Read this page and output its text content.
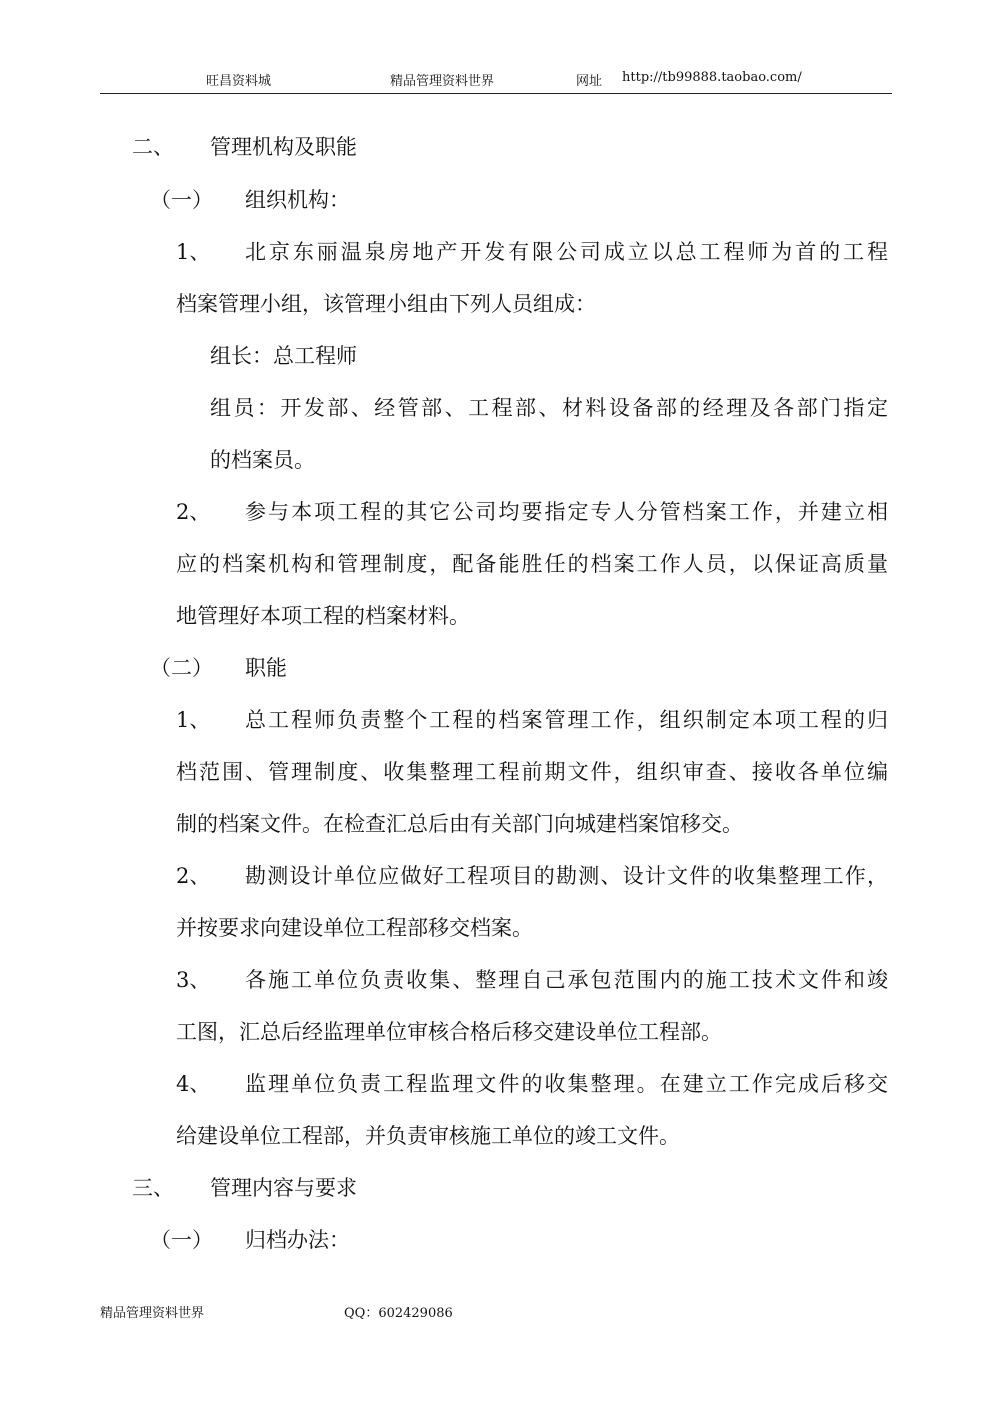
旺昌资料城	精品管理资料世界	网址 http://tb99888.taobao.com/
二、 管理机构及职能
（一） 组织机构：
1、 北京东丽温泉房地产开发有限公司成立以总工程师为首的工程
档案管理小组，该管理小组由下列人员组成：
组长：总工程师
组员：开发部、经管部、工程部、材料设备部的经理及各部门指定
的档案员。
2、 参与本项工程的其它公司均要指定专人分管档案工作，并建立相
应的档案机构和管理制度，配备能胜任的档案工作人员，以保证高质量
地管理好本项工程的档案材料。
（二） 职能
1、 总工程师负责整个工程的档案管理工作，组织制定本项工程的归
档范围、管理制度、收集整理工程前期文件，组织审查、接收各单位编
制的档案文件。在检查汇总后由有关部门向城建档案馆移交。
2、 勘测设计单位应做好工程项目的勘测、设计文件的收集整理工作，
并按要求向建设单位工程部移交档案。
3、 各施工单位负责收集、整理自己承包范围内的施工技术文件和竣
工图，汇总后经监理单位审核合格后移交建设单位工程部。
4、 监理单位负责工程监理文件的收集整理。在建立工作完成后移交
给建设单位工程部，并负责审核施工单位的竣工文件。
三、 管理内容与要求
（一） 归档办法：
精品管理资料世界	QQ：602429086
